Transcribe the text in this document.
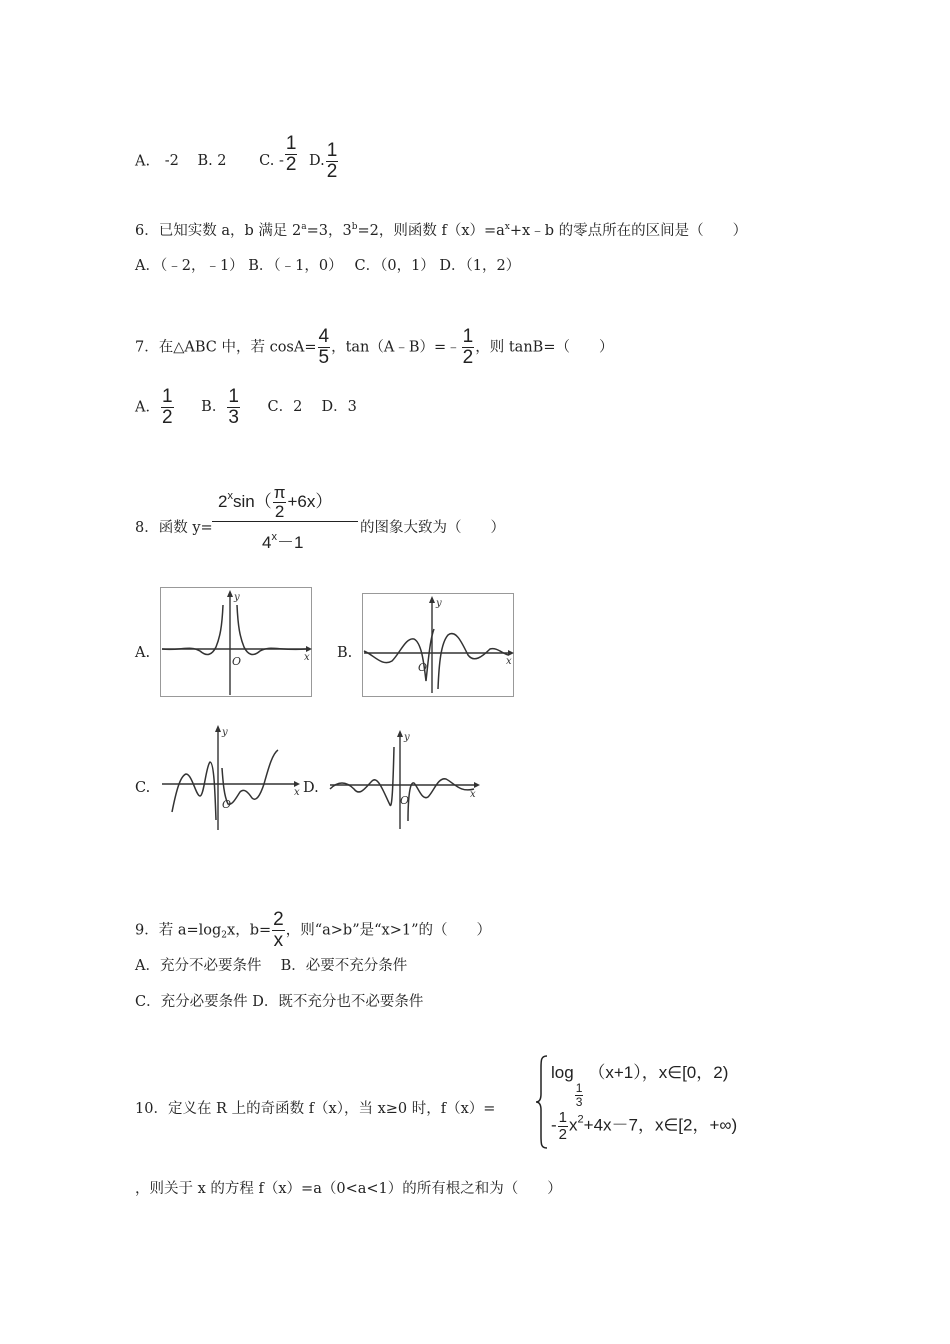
A. -2 B. 2 C. - $\frac{1}{2} D$. $\frac{1}{2}$
6．已知实数 a，b 满足 $2^a=3$，$3^b=2$，则函数 $f(x)=a^x+x﹣b$ 的零点所在的区间是（　　）
A．（﹣2，﹣1） B．（﹣1，0）　 C．（0，1） D．（1，2）
7．在△ABC 中，若 $\cos A= \frac{4}{5}$ ，tan（A﹣B）=﹣ $\frac{1}{2}$ ，则 tanB=（　　）
A． $\frac{1}{2}$ B． $\frac{1}{3}$ C．2　 D．3
8．函数 y=
$2^x\sin( \frac{\pi}{2} +6x)$
$4^x-1$
的图象大致为（　　）
A.	B.
C.	D.
x
y
O	x
y
O
x
y
O
x
y
O
9．若 $a=\log_2x$，$b= \frac{2}{x}$ ，则“a>b”是“x>1”的（　　）
A．充分不必要条件　 B．必要不充分条件
C．充分必要条件 D．既不充分也不必要条件
10．定义在 R 上的奇函数 f（x），当 x≥0 时，f（x）=
log
$\frac{1}{3}$
（x+1），x∈[0，2)
- $\frac{1}{2} x^2+4x-7$，x∈[2，+∞)
，则关于 x 的方程 f（x）=a（0<a<1）的所有根之和为（　　）
